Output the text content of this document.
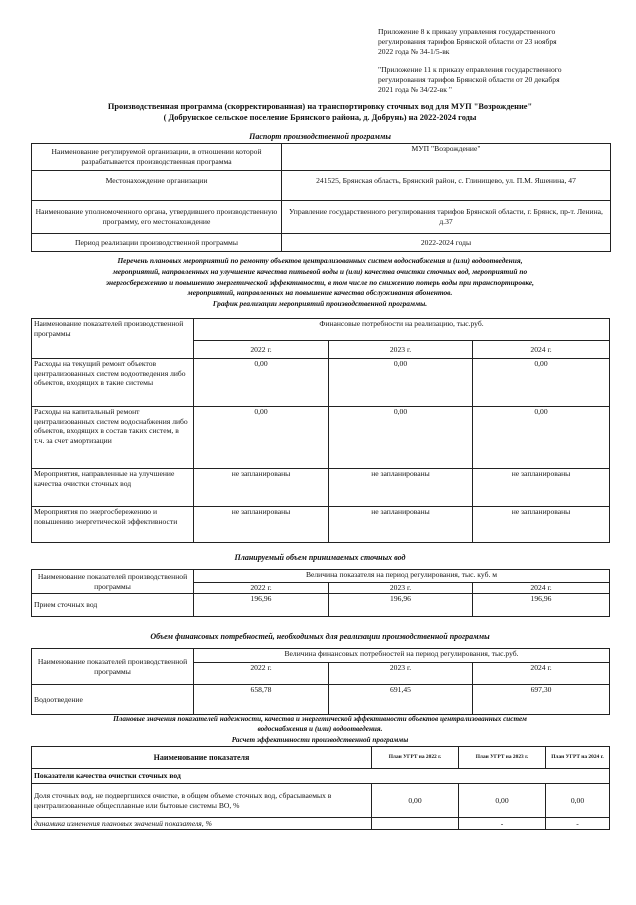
Приложение 8 к приказу управления государственного
регулирования тарифов Брянской области от 23 ноября
2022 года № 34-1/5-вк
"Приложение 11 к приказу епрaвления государственного
регулирования тарифов Брянской области от 20 декабря
2021 года № 34/22-вк "
Производственная программа (скорректированная) на транспортировку сточных вод для МУП "Возрождение"
( Добрунское сельское поселение Брянского района, д. Добрунь) на 2022-2024 годы
Паспорт производственной программы
Наименование регулируемой организации, в отношении которой разрабатывается производственная программа	МУП "Возрождение"
Местонахождение организации	241525, Брянская область, Брянский район, с. Глинищево, ул. П.М. Яшенина, 47
Наименование уполномоченного органа, утвердившего производственную программу, его местонахождение	Управление государственного регулирования тарифов Брянской области, г. Брянск, пр-т. Ленина, д.37
Период реализации производственной программы	2022-2024 годы
Перечень плановых мероприятий по ремонту объектов централизованных систем водоснабжения и (или) водоотведения,
мероприятий, направленных на улучшение качества питьевой воды и (или) качества очистки сточных вод, мероприятий по
энергосбережению и повышению энергетической эффективности, в том числе по снижению потерь воды при транспортировке,
мероприятий, направленных на повышение качества обслуживания абонентов.
График реализации мероприятий производственной программы.
Наименование показателей производственной программы	Финансовые потребности на реализацию, тыс.руб.		
	2022 г.	2023 г.	2024 г.
Расходы на текущий ремонт объектов централизованных систем водоотведения либо объектов, входящих в такие системы	0,00	0,00	0,00
Расходы на капитальный ремонт централизованных систем водоснабжения либо объектов, входящих в состав таких систем, в т.ч. за счет амортизации	0,00	0,00	0,00
Мероприятия, направленные на улучшение качества очистки сточных вод	не запланированы	не запланированы	не запланированы
Мероприятия по энергосбережению и повышению энергетической эффективности	не запланированы	не запланированы	не запланированы
Планируемый объем принимаемых сточных вод
Наименование показателей производственной программы	Величина показателя на период регулирования, тыс. куб. м		
	2022 г.	2023 г.	2024 г.
Прием сточных вод	196,96	196,96	196,96
Объем финансовых потребностей, необходимых для реализации производственной программы
Наименование показателей производственной программы	Величина финансовых потребностей на период регулирования, тыс.руб.		
	2022 г.	2023 г.	2024 г.
Водоотведение	658,78	691,45	697,30
Плановые значения показателей надежности, качества и энергетической эффективности объектов централизованных систем
водоснабжения и (или) водоотведения.
Расчет эффективности производственной программы
Наименование показателя	План УГРТ на 2022 г.	План УГРТ на 2023 г.	План УГРТ на 2024 г.
Показатели качества очистки сточных вод			
Доля сточных вод, не подвергшихся очистке, в общем объеме сточных вод, сбрасываемых в централизованные общесплавные или бытовые системы ВО, %	0,00	0,00	0,00
динамика изменения плановых значений показателя, %		-	-
